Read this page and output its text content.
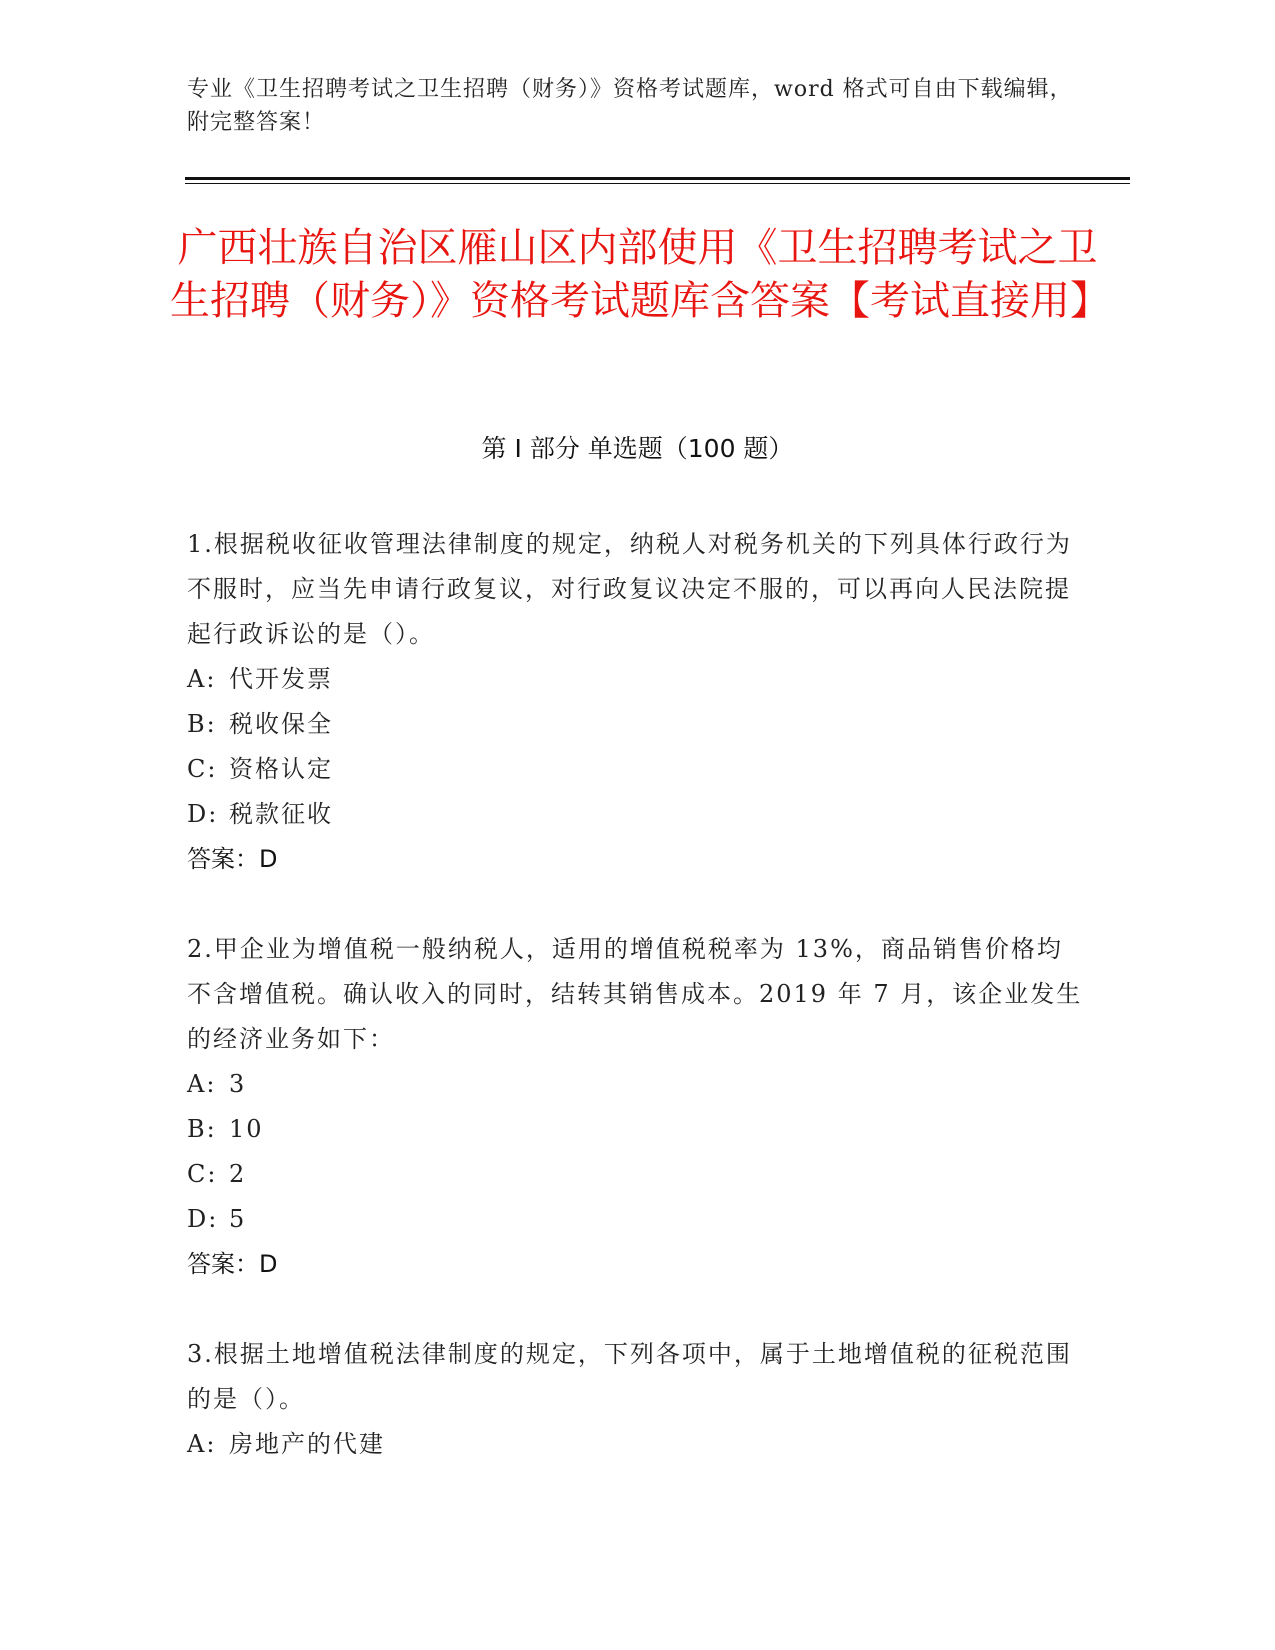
专业《卫生招聘考试之卫生招聘（财务）》资格考试题库，word 格式可自由下载编辑，附完整答案！
广西壮族自治区雁山区内部使用《卫生招聘考试之卫生招聘（财务）》资格考试题库含答案【考试直接用】
第 I 部分 单选题（100 题）

1.根据税收征收管理法律制度的规定，纳税人对税务机关的下列具体行政行为不服时，应当先申请行政复议，对行政复议决定不服的，可以再向人民法院提起行政诉讼的是（）。

A: 代开发票
B: 税收保全
C: 资格认定
D: 税款征收
答案：D

2.甲企业为增值税一般纳税人，适用的增值税税率为 13%，商品销售价格均不含增值税。确认收入的同时，结转其销售成本。2019 年 7 月，该企业发生的经济业务如下：

A: 3
B: 10
C: 2
D: 5
答案：D

3.根据土地增值税法律制度的规定，下列各项中，属于土地增值税的征税范围的是（）。

A: 房地产的代建
